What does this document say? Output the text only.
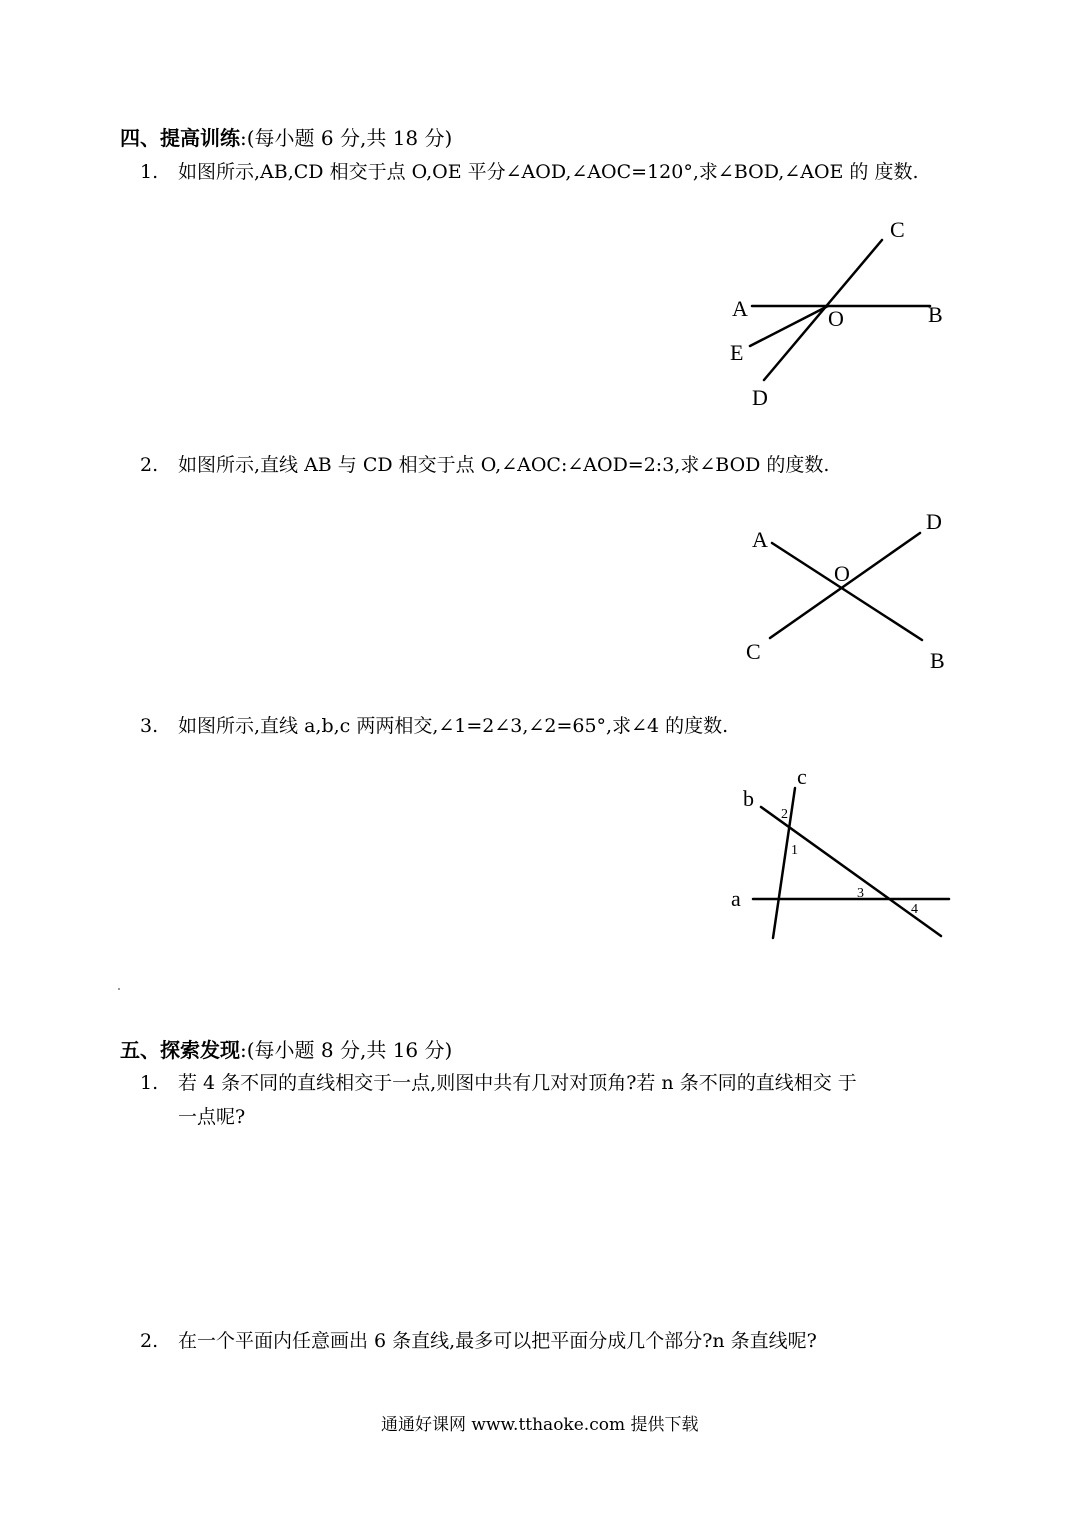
四、提高训练:(每小题 6 分,共 18 分)
1. 如图所示,AB,CD 相交于点 O,OE 平分∠AOD,∠AOC=120°,求∠BOD,∠AOE 的 度数.
A	B
C
D
E
O
2. 如图所示,直线 AB 与 CD 相交于点 O,∠AOC:∠AOD=2:3,求∠BOD 的度数.
A
B
C
D
O
3. 如图所示,直线 a,b,c 两两相交,∠1=2∠3,∠2=65°,求∠4 的度数.
a
b
c
1
2
3
4
五、探索发现:(每小题 8 分,共 16 分)
1. 若 4 条不同的直线相交于一点,则图中共有几对对顶角?若 n 条不同的直线相交 于
一点呢?
2. 在一个平面内任意画出 6 条直线,最多可以把平面分成几个部分?n 条直线呢?
通通好课网 www.tthaoke.com 提供下载
